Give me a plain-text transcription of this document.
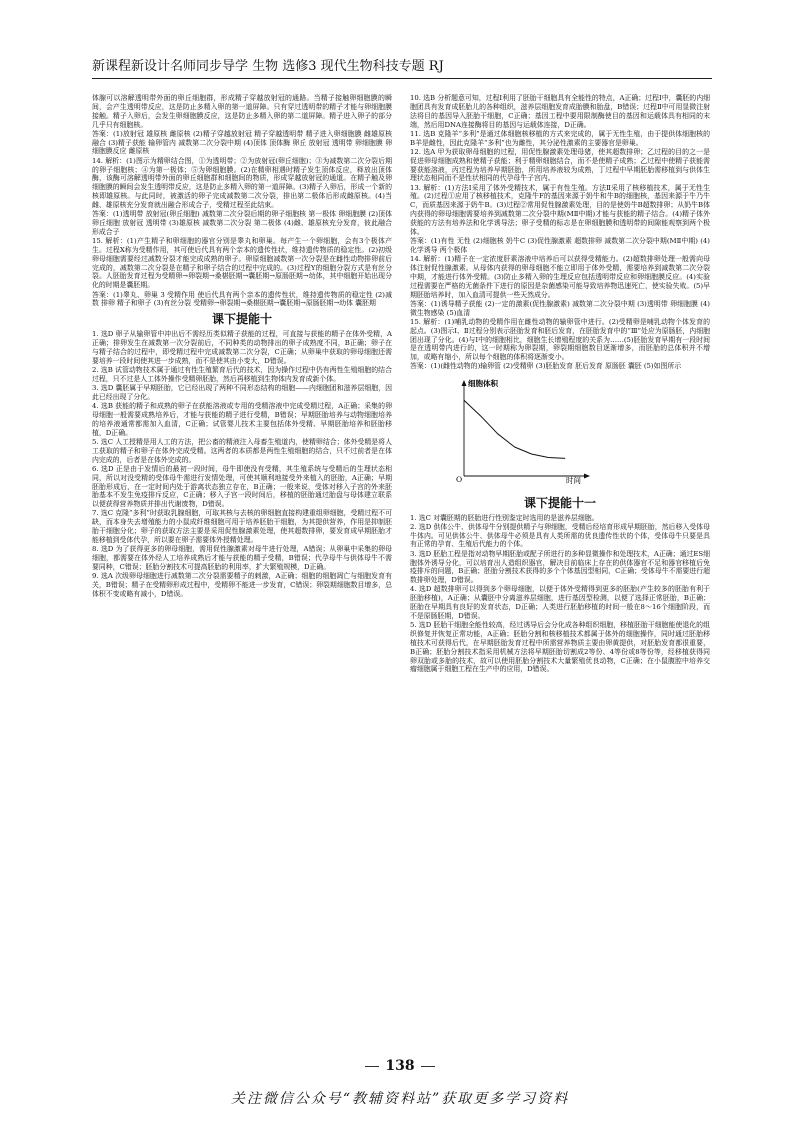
新课程新设计名师同步导学 生物 选修3 现代生物科技专题 RJ

体腺可以溶解透明带外面的卵丘细胞群，形成精子穿越放射冠的通路。当精子接触卵细胞膜的瞬间，会产生透明带反应，这是防止多精入卵的第一道屏障。只有穿过透明带的精子才能与卵细胞膜接触。精子入卵后，会发生卵细胞膜反应，这是防止多精入卵的第二道屏障。精子进入卵子的部分几乎只有细胞核。

答案：(1)放射冠 雄原核 雌原核 (2)精子穿越放射冠 精子穿越透明带 精子进入卵细胞膜 雌雄原核融合 (3)精子获能 输卵管内 减数第二次分裂中期 (4)顶体 顶体酶 卵丘 放射冠 透明带 卵细胞膜 卵细胞膜反应 雌原核

14. 解析：(1)图示为精卵结合图，①为透明带；②为放射冠(卵丘细胞)；③为减数第二次分裂后期的卵子细胞核；④为第一极体；⑤为卵细胞膜。(2)在精卵相遇时精子发生顶体反应，释放出顶体酶，该酶可溶解透明带外面的卵丘细胞群和细胞间的物质，形成穿越放射冠的通道。在精子触及卵细胞膜的瞬间会发生透明带反应，这是防止多精入卵的第一道屏障。(3)精子入卵后，形成一个新的核即雄原核。与此同时，被激活的卵子完成减数第二次分裂，排出第二极体后形成雌原核。(4)当雌、雄原核充分发育就出融合形成合子，受精过程至此结束。

答案：(1)透明带 放射冠(卵丘细胞) 减数第二次分裂后期的卵子细胞核 第一极体 卵细胞膜 (2)顶体 卵丘细胞 放射冠 透明带 (3)雄原核 减数第二次分裂 第二极体 (4)雌、雄原核充分发育，彼此融合形成合子

15. 解析：(1)产生精子和卵细胞的器官分别是睾丸和卵巢。每产生一个卵细胞，会有3个极体产生。过程X称为受精作用，其可使后代具有两个亲本的遗传性状，维持遗传物质的稳定性。(2)初级卵母细胞需要经过减数分裂才能完成成熟的卵子。卵原细胞减数第一次分裂是在雌性动物排卵前后完成的，减数第二次分裂是在精子和卵子结合的过程中完成的。(3)过程Y的细胞分裂方式是有丝分裂。人胚胎发育过程为受精卵→卵裂期→桑椹胚期→囊胚期→原肠胚期→幼体，其中细胞开始出现分化的时期是囊胚期。

答案：(1)睾丸、卵巢 3 受精作用 使后代具有两个亲本的遗传性状，维持遗传物质的稳定性 (2)减数 排卵 精子和卵子 (3)有丝分裂 受精卵→卵裂期→桑椹胚期→囊胚期→原肠胚期→幼体 囊胚期

课下提能十

1. 选D 卵子从输卵管中冲出后不需经历类似精子获能的过程，可直接与获能的精子在体外受精，A正确；排卵发生在减数第一次分裂前后，不同种类的动物排出的卵子成熟度不同，B正确；卵子在与精子结合的过程中，即受精过程中完成减数第二次分裂，C正确；从卵巢中获取的卵母细胞还需要培养一段时间使其进一步成熟，而不是使其由小变大，D错误。

2. 选B 试管动物技术属于通过有性生殖繁育后代的技术，因为操作过程中仍有两性生殖细胞的结合过程，只不过是人工体外操作受精卵胚胎，然后再移植到生物体内发育成新个体。

3. 选D 囊胚属于早期胚胎，它已经出现了两种不同形态结构的细胞——内细胞团和滋养层细胞，因此已经出现了分化。

4. 选B 获能的精子和成熟的卵子在获能溶液或专用的受精溶液中完成受精过程，A正确；采集的卵母细胞一般需要成熟培养后，才能与获能的精子进行受精，B错误；早期胚胎培养与动物细胞培养的培养液通常都需加入血清，C正确；试管婴儿技术主要包括体外受精、早期胚胎培养和胚胎移植，D正确。

5. 选C 人工授精是用人工的方法，把公畜的精液注入母畜生殖道内，使精卵结合；体外受精是将人工获取的精子和卵子在体外完成受精。这两者的本质都是两性生殖细胞的结合，只不过前者是在体内完成的，后者是在体外完成的。

6. 选D 正是由于发情后的最初一段时间，母牛即使没有受精，其生殖系统与受精后的生理状态相同，所以对没受精的受体母牛需进行发情处理，可使其顺利地接受外来植入的胚胎，A正确；早期胚胎形成后，在一定时间内处于游离状态独立存在，B正确；一般来说，受体对移入子宫的外来胚胎基本不发生免疫排斥反应，C正确；移入子宫一段时间后，移植的胚胎通过胎盘与母体建立联系以便获得营养物质并排出代谢废物，D错误。

7. 选C 克隆“多利”时获取乳腺细胞，可取其核与去核的卵细胞直接构建重组卵细胞，受精过程不可缺，而本身失去增殖能力的小鼠成纤维细胞可用于培养胚胎干细胞，为其提供营养，作用是抑制胚胎干细胞分化；卵子的获取方法主要是采用促性腺激素处理，使其超数排卵，要发育成早期胚胎才能移植到受体代孕，所以要在卵子需要体外授精处理。

8. 选D 为了获得更多的卵母细胞，需用促性腺激素对母牛进行处理，A错误；从卵巢中采集的卵母细胞，都需要在体外经人工培养成熟后才能与获能的精子受精，B错误；代孕母牛与供体母牛不需要同种，C错误；胚胎分割技术可提高胚胎的利用率，扩大繁殖规模，D正确。

9. 选A 次级卵母细胞进行减数第二次分裂需要精子的刺激，A正确；细胞的细胞凋亡与细胞发育有关，B错误；精子在受精卵形成过程中，受精卵不能进一步发育，C错误；卵裂期细胞数目增多，总体积不变或略有减小，D错误。

10. 选B 分析题意可知，过程Ⅰ利用了胚胎干细胞具有全能性的特点，A正确；过程Ⅰ中，囊胚的内细胞团具有发育成胚胎儿的各种组织，滋养层细胞发育成胎膜和胎盘，B错误；过程Ⅱ中可用显微注射法将目的基因导入胚胎干细胞，C正确；基因工程中要用限制酶使目的基因和运载体具有相同的末端，然后用DNA连接酶将目的基因与运载体连接，D正确。

11. 选B 克隆羊“多利”是通过体细胞核移植的方式来完成的，属于无性生殖，由于提供体细胞核的B羊是雌性，因此克隆羊“多利”也为雌性，其分泌性激素的主要器官是卵巢。

12. 选A 甲为获取卵母细胞的过程，用促性腺激素处理母猪，使其超数排卵；乙过程的目的之一是促进卵母细胞成熟和使精子获能；利于精卵细胞结合，而不是使精子成熟；乙过程中使精子获能需要获能溶液，丙过程为培养早期胚胎，所用培养液较为成熟，丁过程中早期胚胎需移植到与供体生理状态相同而不是性状相同的代孕母牛子宫内。

13. 解析：(1)方法Ⅰ采用了体外受精技术，属于有性生殖。方法Ⅱ采用了核移植技术，属于无性生殖。(2)过程①应用了核移植技术，克隆牛F的基因来源于奶牛和牛B的细胞核，基因来源于牛乃牛C，而质基因来源于奶牛B。(3)过程②常用促性腺激素处理，目的是使奶牛B超数排卵；从奶牛B体内获得的卵母细胞需要培养到减数第二次分裂中期(MⅡ中期)才能与获能的精子结合。(4)精子体外获能的方法有培养法和化学诱导法；卵子受精的标志是在卵细胞膜和透明带的间隙能观察到两个极体。

答案：(1)有性 无性 (2)细胞核 奶牛C (3)促性腺激素 超数排卵 减数第二次分裂中期(MⅡ中期) (4)化学诱导 两个极体

14. 解析：(1)精子在一定浓度肝素溶液中培养后可以获得受精能力。(2)超数排卵处理一般需向母体注射促性腺激素。从母体内获得的卵母细胞不能立即用于体外受精，需要培养到减数第二次分裂中期，才能进行体外受精。(3)防止多精入卵的生理反应包括透明带反应和卵细胞膜反应。(4)实验过程需要在严格的无菌条件下进行的原因是杂菌感染可能导致培养物迅速死亡，使实验失败。(5)早期胚胎培养时，加入血清可提供一些天然成分。

答案：(1)诱导精子获能 (2)一定的激素(促性腺激素) 减数第二次分裂中期 (3)透明带 卵细胞膜 (4)微生物感染 (5)血清

15. 解析：(1)哺乳动物的受精作用在雌性动物的输卵管中进行。(2)受精卵是哺乳动物个体发育的起点。(3)图示Ⅰ、Ⅱ过程分别表示胚胎发育和胚后发育，在胚胎发育中的“Ⅲ”处应为原肠胚，内细胞团出现了分化。(4)与Ⅰ中的细胞相比，细胞生长增殖程度的关系为……(5)胚胎发育早期有一段时间是在透明带内进行的，这一时期称为卵裂期，卵裂期细胞数目逐渐增多，而胚胎的总体积并不增加，或略有缩小，所以每个细胞的体积将逐渐变小。

答案：(1)(雌性动物的)输卵管 (2)受精卵 (3)胚胎发育 胚后发育 原肠胚 囊胚 (5)如图所示

细胞体积
时间
O
课下提能十一

1. 选C 对囊胚期的胚胎进行性别鉴定时选用的是滋养层细胞。

2. 选D 供体公牛、供体母牛分别提供精子与卵细胞，受精后经培育形成早期胚胎，然后移入受体母牛体内。可见供体公牛、供体母牛必须是具有人类所需的优良遗传性状的个体，受体母牛只要是具有正常的孕育、生殖后代能力的个体。

3. 选D 胚胎工程是指对动物早期胚胎或配子所进行的多种显微操作和处理技术，A正确；通过ES细胞体外诱导分化，可以培育出人造组织器官，解决目前临床上存在的供体器官不足和器官移植后免疫排斥的问题，B正确；胚胎分割技术获得的多个个体基因型相同，C正确；受体母牛不需要进行超数排卵处理，D错误。

4. 选D 超数排卵可以得到多个卵母细胞，以便于体外受精得到更多的胚胎(产生较多的胚胎有利于胚胎移植)，A正确；从囊胚中分离滋养层细胞，进行基因型检测，以便了选择正常胚胎，B正确；胚胎在早期具有良好的发育状态，D正确；人类进行胚胎移植的时间一般在8～16个细胞阶段，而不是原肠胚期，D错误。

5. 选D 胚胎干细胞全能性较高，经过诱导后会分化成各种组织细胞，移植胚胎干细胞能使退化的组织修复并恢复正常功能，A正确；胚胎分割和核移植技术都属于体外的细胞操作，同时通过胚胎移植技术可获得后代，在早期胚胎发育过程中所需营养物质主要由卵黄提供，对胚胎发育都很重要，B正确；胚胎分割技术指采用机械方法将早期胚胎切割成2等份、4等份或8等份等，经移植获得同卵双胎或多胎的技术，故可以使用胚胎分割技术大量繁殖优良动物，C正确；在小鼠腹腔中培养交瘤细胞属于细胞工程在生产中的应用，D错误。

138
关注微信公众号“教辅资料站”获取更多学习资料
